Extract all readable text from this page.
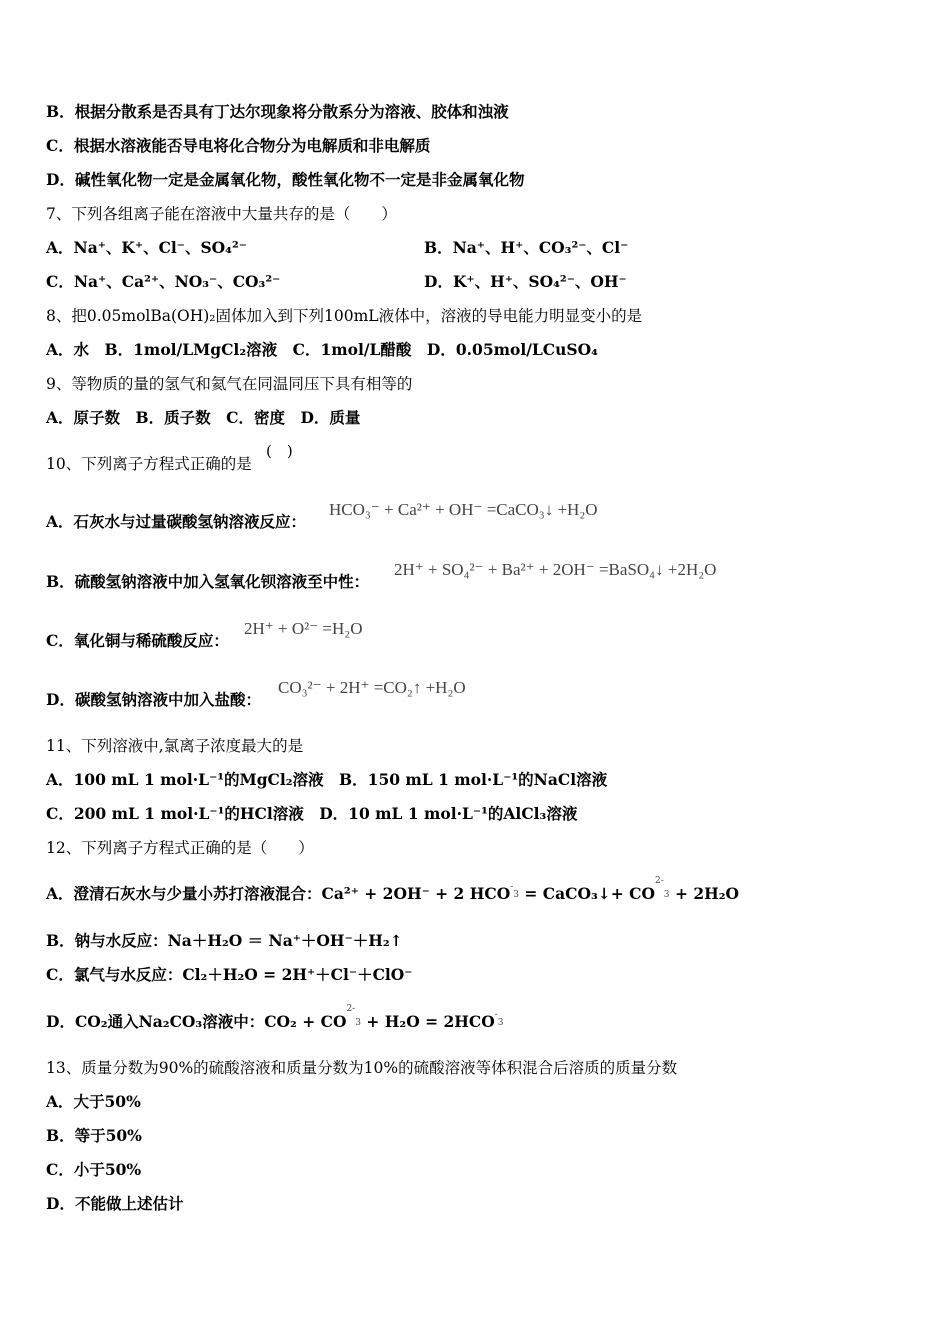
B．根据分散系是否具有丁达尔现象将分散系分为溶液、胶体和浊液
C．根据水溶液能否导电将化合物分为电解质和非电解质
D．碱性氧化物一定是金属氧化物，酸性氧化物不一定是非金属氧化物
7、下列各组离子能在溶液中大量共存的是（　　）
A．Na⁺、K⁺、Cl⁻、SO₄²⁻	B．Na⁺、H⁺、CO₃²⁻、Cl⁻
C．Na⁺、Ca²⁺、NO₃⁻、CO₃²⁻	D．K⁺、H⁺、SO₄²⁻、OH⁻
8、把0.05molBa(OH)₂固体加入到下列100mL液体中，溶液的导电能力明显变小的是
A．水　B．1mol/LMgCl₂溶液　C．1mol/L醋酸　D．0.05mol/LCuSO₄
9、等物质的量的氢气和氦气在同温同压下具有相等的
A．原子数　B．质子数　C．密度　D．质量
10、下列离子方程式正确的是
(　)
A．石灰水与过量碳酸氢钠溶液反应：
HCO₃⁻ + Ca²⁺ + OH⁻ =CaCO₃↓ +H₂O
B．硫酸氢钠溶液中加入氢氧化钡溶液至中性：
2H⁺ + SO₄²⁻ + Ba²⁺ + 2OH⁻ =BaSO₄↓ +2H₂O
C．氧化铜与稀硫酸反应：
2H⁺ + O²⁻ =H₂O
D．碳酸氢钠溶液中加入盐酸：
CO₃²⁻ + 2H⁺ =CO₂↑ +H₂O
11、下列溶液中,氯离子浓度最大的是
A．100 mL 1 mol·L⁻¹的MgCl₂溶液　B．150 mL 1 mol·L⁻¹的NaCl溶液
C．200 mL 1 mol·L⁻¹的HCl溶液　D．10 mL 1 mol·L⁻¹的AlCl₃溶液
12、下列离子方程式正确的是（　　）
A．澄清石灰水与少量小苏打溶液混合：Ca²⁺ + 2OH⁻ + 2 HCO-3 = CaCO₃↓+ CO2-3 + 2H₂O
B．钠与水反应：Na＋H₂O ＝ Na⁺＋OH⁻＋H₂↑
C．氯气与水反应：Cl₂＋H₂O = 2H⁺＋Cl⁻＋ClO⁻
D．CO₂通入Na₂CO₃溶液中：CO₂ + CO2-3 + H₂O = 2HCO-3
13、质量分数为90%的硫酸溶液和质量分数为10%的硫酸溶液等体积混合后溶质的质量分数
A．大于50%
B．等于50%
C．小于50%
D．不能做上述估计
